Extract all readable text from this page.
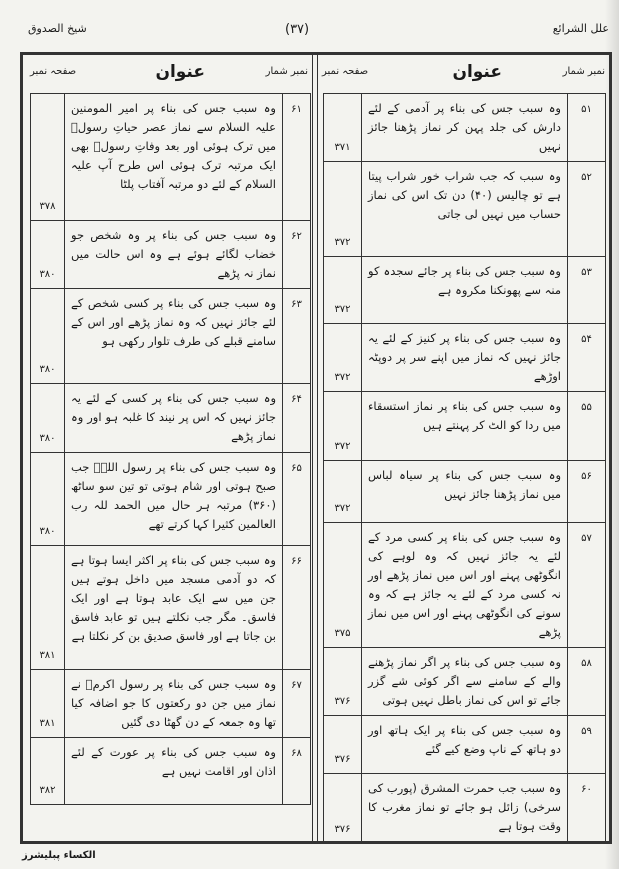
علل الشرائع
(۳۷)
شیخ الصدوق
نمبر شمار
عنوان
صفحہ نمبر
نمبر شمار
عنوان
صفحہ نمبر
۳۷۱
وہ سبب جس کی بناء پر آدمی کے لئے دارش کی جلد پہن کر نماز پڑھنا جائز نہیں
۵۱
۳۷۲
وہ سبب کہ جب شراب خور شراب پیتا ہے تو چالیس (۴۰) دن تک اس کی نماز حساب میں نہیں لی جاتی
۵۲
۳۷۲
وہ سبب جس کی بناء پر جائے سجدہ کو منہ سے پھونکنا مکروہ ہے
۵۳
۳۷۲
وہ سبب جس کی بناء پر کنیز کے لئے یہ جائز نہیں کہ نماز میں اپنے سر پر دوپٹہ اوڑھے
۵۴
۳۷۲
وہ سبب جس کی بناء پر نماز استسقاء میں ردا کو الٹ کر پہنتے ہیں
۵۵
۳۷۲
وہ سبب جس کی بناء پر سیاہ لباس میں نماز پڑھنا جائز نہیں
۵۶
۳۷۵
وہ سبب جس کی بناء پر کسی مرد کے لئے یہ جائز نہیں کہ وہ لوہے کی انگوٹھی پہنے اور اس میں نماز پڑھے اور نہ کسی مرد کے لئے یہ جائز ہے کہ وہ سونے کی انگوٹھی پہنے اور اس میں نماز پڑھے
۵۷
۳۷۶
وہ سبب جس کی بناء پر اگر نماز پڑھنے والے کے سامنے سے اگر کوئی شے گزر جائے تو اس کی نماز باطل نہیں ہوتی
۵۸
۳۷۶
وہ سبب جس کی بناء پر ایک ہاتھ اور دو ہاتھ کے ناپ وضع کیے گئے
۵۹
۳۷۶
وہ سبب جب حمرت المشرق (پورب کی سرخی) زائل ہو جائے تو نماز مغرب کا وقت ہوتا ہے
۶۰
۳۷۸
وہ سبب جس کی بناء پر امیر المومنین علیہ السلام سے نماز عصر حیاتِ رسولؐ میں ترک ہوئی اور بعد وفاتِ رسولؐ بھی ایک مرتبہ ترک ہوئی اس طرح آپ علیہ السلام کے لئے دو مرتبہ آفتاب پلٹا
۶۱
۳۸۰
وہ سبب جس کی بناء پر وہ شخص جو خضاب لگائے ہوئے ہے وہ اس حالت میں نماز نہ پڑھے
۶۲
۳۸۰
وہ سبب جس کی بناء پر کسی شخص کے لئے جائز نہیں کہ وہ نماز پڑھے اور اس کے سامنے قبلے کی طرف تلوار رکھی ہو
۶۳
۳۸۰
وہ سبب جس کی بناء پر کسی کے لئے یہ جائز نہیں کہ اس پر نیند کا غلبہ ہو اور وہ نماز پڑھے
۶۴
۳۸۰
وہ سبب جس کی بناء پر رسول اللہؐ جب صبح ہوتی اور شام ہوتی تو تین سو ساٹھ (۳۶۰) مرتبہ ہر حال میں الحمد للہ رب العالمین کثیرا کہا کرتے تھے
۶۵
۳۸۱
وہ سبب جس کی بناء پر اکثر ایسا ہوتا ہے کہ دو آدمی مسجد میں داخل ہوتے ہیں جن میں سے ایک عابد ہوتا ہے اور ایک فاسق۔ مگر جب نکلتے ہیں تو عابد فاسق بن جاتا ہے اور فاسق صدیق بن کر نکلتا ہے
۶۶
۳۸۱
وہ سبب جس کی بناء پر رسول اکرمؐ نے نماز میں جن دو رکعتوں کا جو اضافہ کیا تھا وہ جمعہ کے دن گھٹا دی گئیں
۶۷
۳۸۲
وہ سبب جس کی بناء پر عورت کے لئے اذان اور اقامت نہیں ہے
۶۸
الکساء پبلیشرز
